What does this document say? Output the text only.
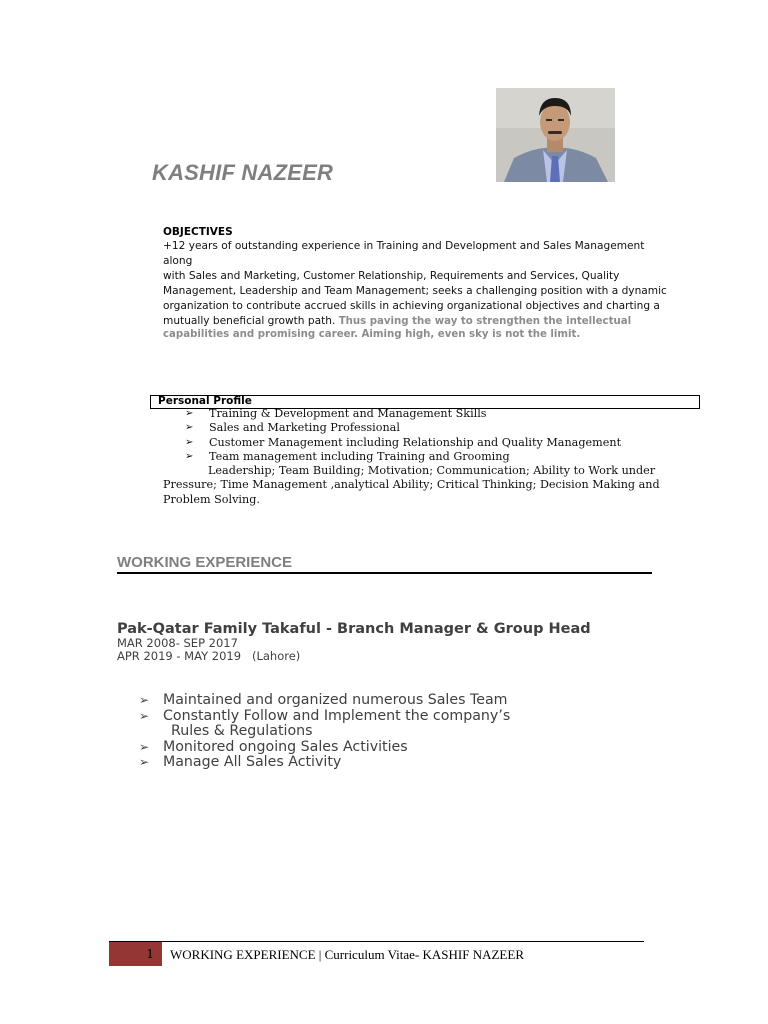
KASHIF NAZEER
OBJECTIVES
+12 years of outstanding experience in Training and Development and Sales Management along
with Sales and Marketing, Customer Relationship, Requirements and Services, Quality
Management, Leadership and Team Management; seeks a challenging position with a dynamic
organization to contribute accrued skills in achieving organizational objectives and charting a
mutually beneficial growth path. Thus paving the way to strengthen the intellectual
capabilities and promising career. Aiming high, even sky is not the limit.
Personal Profile
➢ Training & Development and Management Skills
➢ Sales and Marketing Professional
➢ Customer Management including Relationship and Quality Management
➢ Team management including Training and Grooming
Leadership; Team Building; Motivation; Communication; Ability to Work under
Pressure; Time Management ,analytical Ability; Critical Thinking; Decision Making and
Problem Solving.
WORKING EXPERIENCE
Pak-Qatar Family Takaful - Branch Manager & Group Head
MAR 2008- SEP 2017
APR 2019 - MAY 2019   (Lahore)
➢ Maintained and organized numerous Sales Team
➢ Constantly Follow and Implement the company’s
Rules & Regulations
➢ Monitored ongoing Sales Activities
➢ Manage All Sales Activity
1 WORKING EXPERIENCE | Curriculum Vitae- KASHIF NAZEER
